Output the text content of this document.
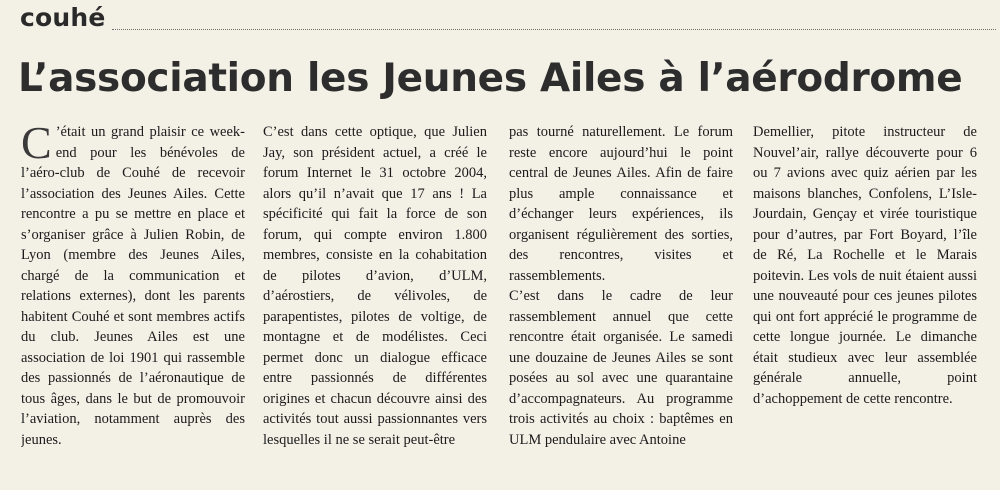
couhé
L’association les Jeunes Ailes à l’aérodrome

C ’était un grand plaisir ce week-end pour les bénévoles de l’aéro-club de Couhé de recevoir l’association des Jeunes Ailes. Cette rencontre a pu se mettre en place et s’organiser grâce à Julien Robin, de Lyon (membre des Jeunes Ailes, chargé de la communication et relations externes), dont les parents habitent Couhé et sont membres actifs du club. Jeunes Ailes est une association de loi 1901 qui rassemble des passionnés de l’aéronautique de tous âges, dans le but de promouvoir l’aviation, notamment auprès des jeunes.

C’est dans cette optique, que Julien Jay, son président actuel, a créé le forum Internet le 31 octobre 2004, alors qu’il n’avait que 17 ans ! La spécificité qui fait la force de son forum, qui compte environ 1.800 membres, consiste en la cohabitation de pilotes d’avion, d’ULM, d’aérostiers, de vélivoles, de parapentistes, pilotes de voltige, de montagne et de modélistes. Ceci permet donc un dialogue efficace entre passionnés de différentes origines et chacun découvre ainsi des activités tout aussi passionnantes vers lesquelles il ne se serait peut-être

pas tourné naturellement. Le forum reste encore aujourd’hui le point central de Jeunes Ailes. Afin de faire plus ample connaissance et d’échanger leurs expériences, ils organisent régulièrement des sorties, des rencontres, visites et rassemblements.

C’est dans le cadre de leur rassemblement annuel que cette rencontre était organisée. Le samedi une douzaine de Jeunes Ailes se sont posées au sol avec une quarantaine d’accompagnateurs. Au programme trois activités au choix : baptêmes en ULM pendulaire avec Antoine

Demellier, pitote instructeur de Nouvel’air, rallye découverte pour 6 ou 7 avions avec quiz aérien par les maisons blanches, Confolens, L’Isle-Jourdain, Gençay et virée touristique pour d’autres, par Fort Boyard, l’île de Ré, La Rochelle et le Marais poitevin. Les vols de nuit étaient aussi une nouveauté pour ces jeunes pilotes qui ont fort apprécié le programme de cette longue journée. Le dimanche était studieux avec leur assemblée générale annuelle, point d’achoppement de cette rencontre.
